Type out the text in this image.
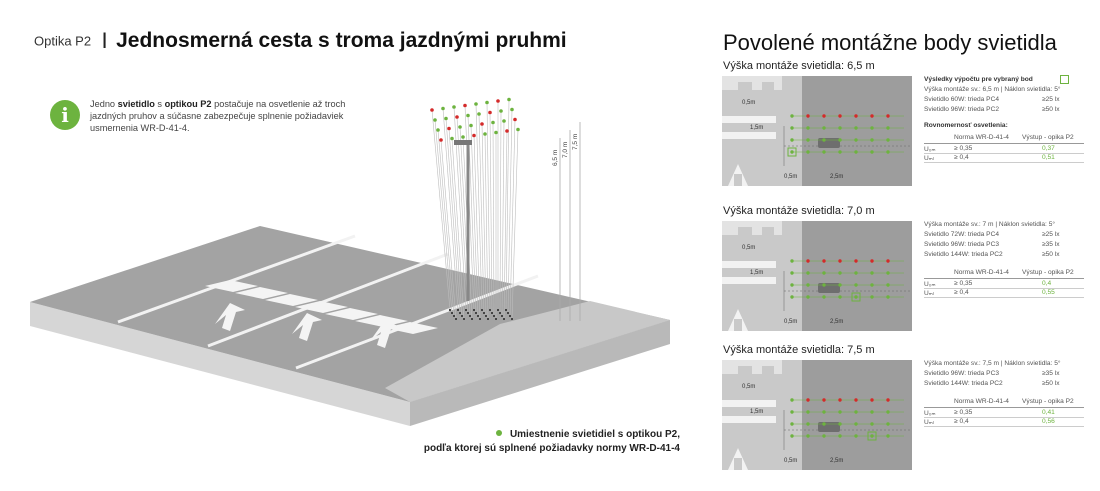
Optika P2 I Jednosmerná cesta s troma jazdnými pruhmi
i	Jedno svietidlo s optikou P2 postačuje na osvetlenie až troch jazdných pruhov a súčasne zabezpečuje splnenie požiadaviek usmernenia WR-D-41-4.
6,5 m 7,0 m 7,5 m
Umiestnenie svietidiel s optikou P2,
podľa ktorej sú splnené požiadavky normy WR-D-41-4
Povolené montážne body svietidla
Výška montáže svietidla: 6,5 m
0,5m
1,5m
0,5m	2,5m
Výsledky výpočtu pre vybraný bod
Výška montáže sv.: 6,5 m | Náklon svietidla: 5°
Svietidlo 60W: trieda PC4	≥25 lx
Svietidlo 96W: trieda PC2	≥50 lx
Rovnomernosť osvetlenia:
Norma WR-D-41-4 Výstup - opika P2
U₀ₘ	≥ 0,35	0,37
Uₘₗ	≥ 0,4	0,51
Výška montáže svietidla: 7,0 m
0,5m
1,5m
0,5m	2,5m
Výška montáže sv.: 7 m | Náklon svietidla: 5°
Svietidlo 72W: trieda PC4	≥25 lx
Svietidlo 96W: trieda PC3	≥35 lx
Svietidlo 144W: trieda PC2	≥50 lx
Norma WR-D-41-4 Výstup - opika P2
U₀ₘ	≥ 0,35	0,4
Uₘₗ	≥ 0,4	0,55
Výška montáže svietidla: 7,5 m
0,5m
1,5m
0,5m	2,5m
Výška montáže sv.: 7,5 m | Náklon svietidla: 5°
Svietidlo 96W: trieda PC3	≥35 lx
Svietidlo 144W: trieda PC2	≥50 lx
Norma WR-D-41-4 Výstup - opika P2
U₀ₘ	≥ 0,35	0,41
Uₘₗ	≥ 0,4	0,56
